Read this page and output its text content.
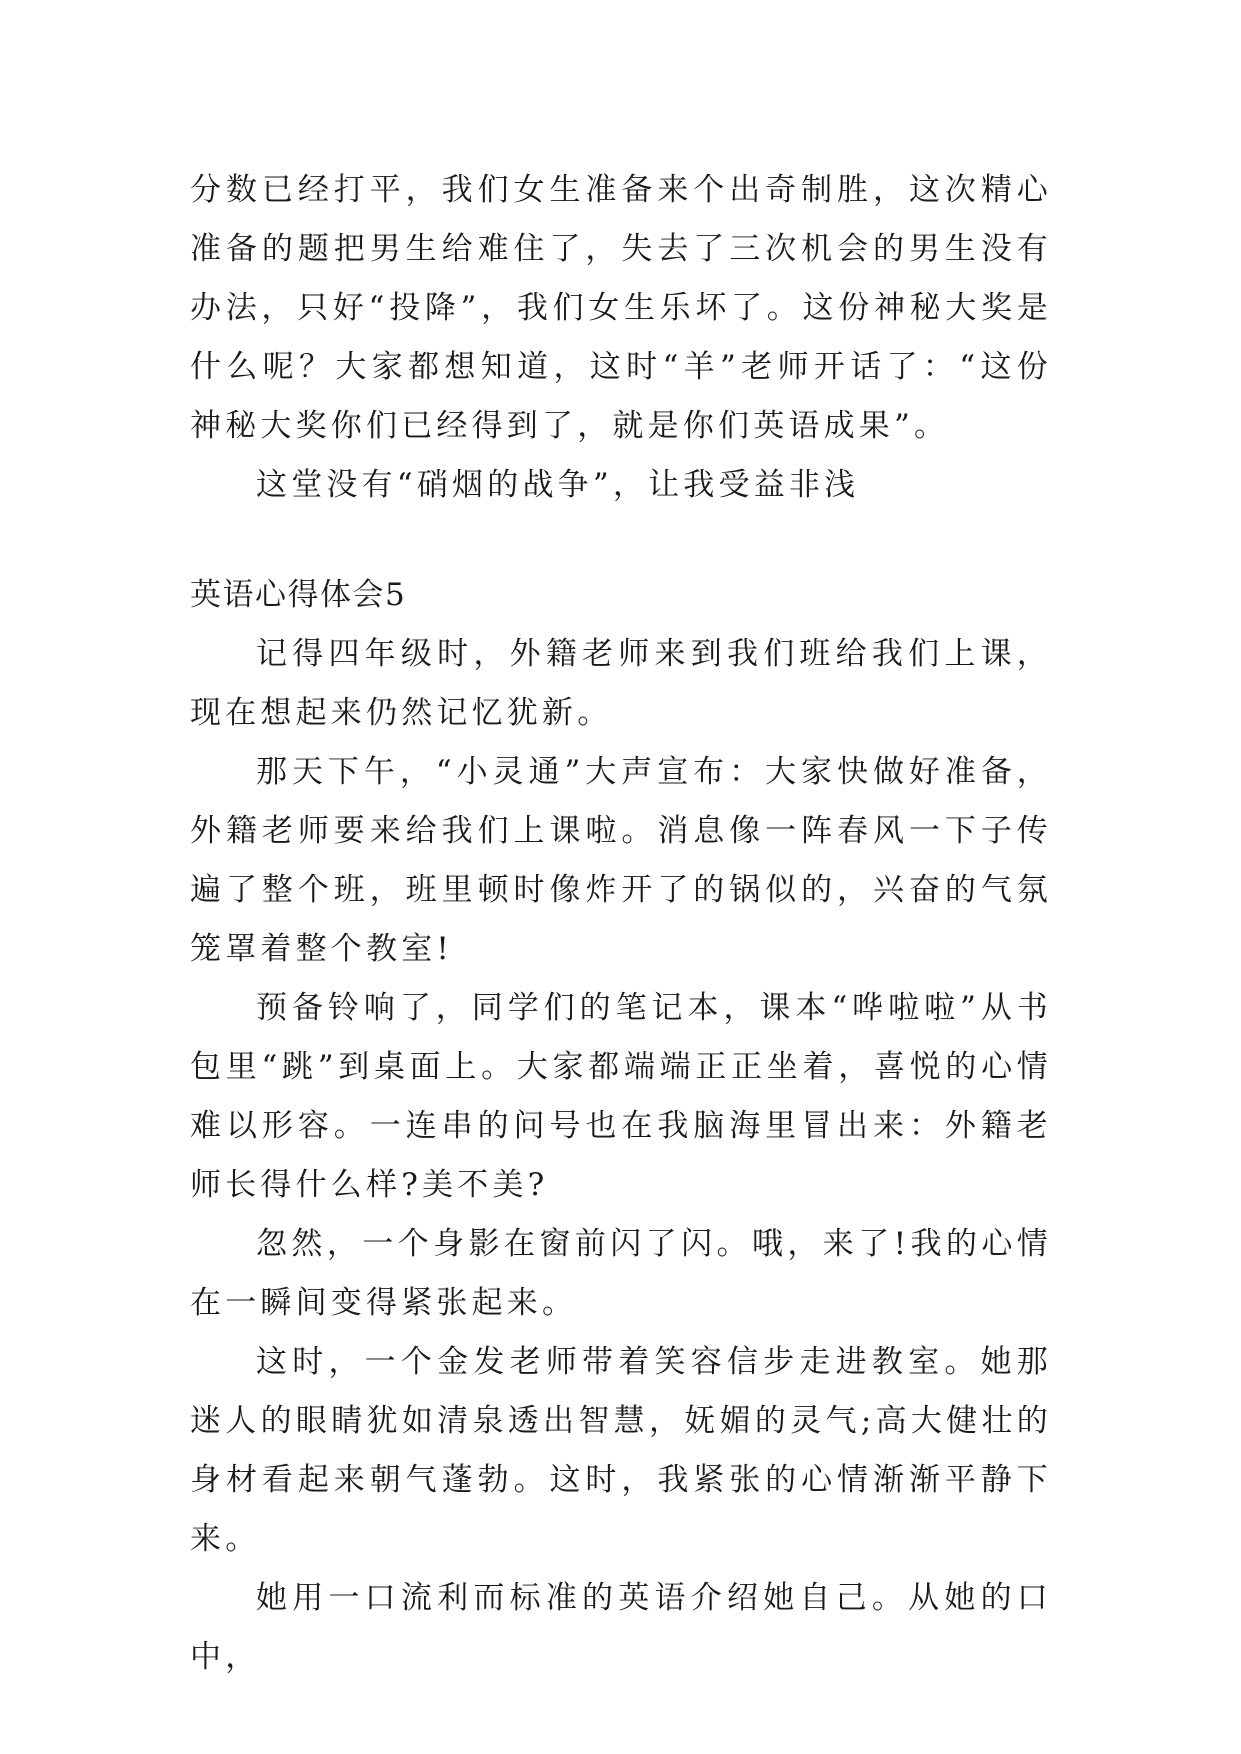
分数已经打平，我们女生准备来个出奇制胜，这次精心准备的题把男生给难住了，失去了三次机会的男生没有办法，只好“投降”，我们女生乐坏了。这份神秘大奖是什么呢？大家都想知道，这时“羊”老师开话了：“这份神秘大奖你们已经得到了，就是你们英语成果”。

这堂没有“硝烟的战争”，让我受益非浅

英语心得体会5

记得四年级时，外籍老师来到我们班给我们上课，现在想起来仍然记忆犹新。

那天下午，“小灵通”大声宣布：大家快做好准备，外籍老师要来给我们上课啦。消息像一阵春风一下子传遍了整个班，班里顿时像炸开了的锅似的，兴奋的气氛笼罩着整个教室!

预备铃响了，同学们的笔记本，课本“哗啦啦”从书包里“跳”到桌面上。大家都端端正正坐着，喜悦的心情难以形容。一连串的问号也在我脑海里冒出来：外籍老师长得什么样?美不美?

忽然，一个身影在窗前闪了闪。哦，来了!我的心情在一瞬间变得紧张起来。

这时，一个金发老师带着笑容信步走进教室。她那迷人的眼睛犹如清泉透出智慧，妩媚的灵气;高大健壮的身材看起来朝气蓬勃。这时，我紧张的心情渐渐平静下来。

她用一口流利而标准的英语介绍她自己。从她的口中，
